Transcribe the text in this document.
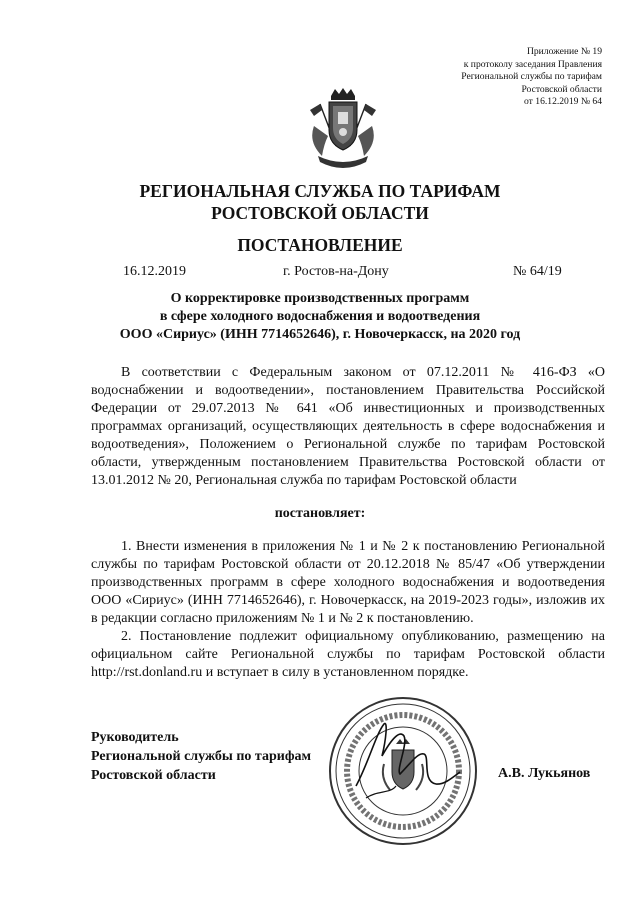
Приложение № 19
к протоколу заседания Правления
Региональной службы по тарифам
Ростовской области
от 16.12.2019 № 64
РЕГИОНАЛЬНАЯ СЛУЖБА ПО ТАРИФАМ
РОСТОВСКОЙ ОБЛАСТИ
ПОСТАНОВЛЕНИЕ
16.12.2019	г. Ростов-на-Дону	№ 64/19
О корректировке производственных программ
в сфере холодного водоснабжения и водоотведения
ООО «Сириус» (ИНН 7714652646), г. Новочеркасск, на 2020 год
В соответствии с Федеральным законом от 07.12.2011 № 416-ФЗ «О водоснабжении и водоотведении», постановлением Правительства Российской Федерации от 29.07.2013 № 641 «Об инвестиционных и производственных программах организаций, осуществляющих деятельность в сфере водоснабжения и водоотведения», Положением о Региональной службе по тарифам Ростовской области, утвержденным постановлением Правительства Ростовской области от 13.01.2012 № 20, Региональная служба по тарифам Ростовской области
постановляет:
1. Внести изменения в приложения № 1 и № 2 к постановлению Региональной службы по тарифам Ростовской области от 20.12.2018 № 85/47 «Об утверждении производственных программ в сфере холодного водоснабжения и водоотведения ООО «Сириус» (ИНН 7714652646), г. Новочеркасск, на 2019-2023 годы», изложив их в редакции согласно приложениям № 1 и № 2 к постановлению.
2. Постановление подлежит официальному опубликованию, размещению на официальном сайте Региональной службы по тарифам Ростовской области http://rst.donland.ru и вступает в силу в установленном порядке.
Руководитель
Региональной службы по тарифам
Ростовской области	А.В. Лукьянов
